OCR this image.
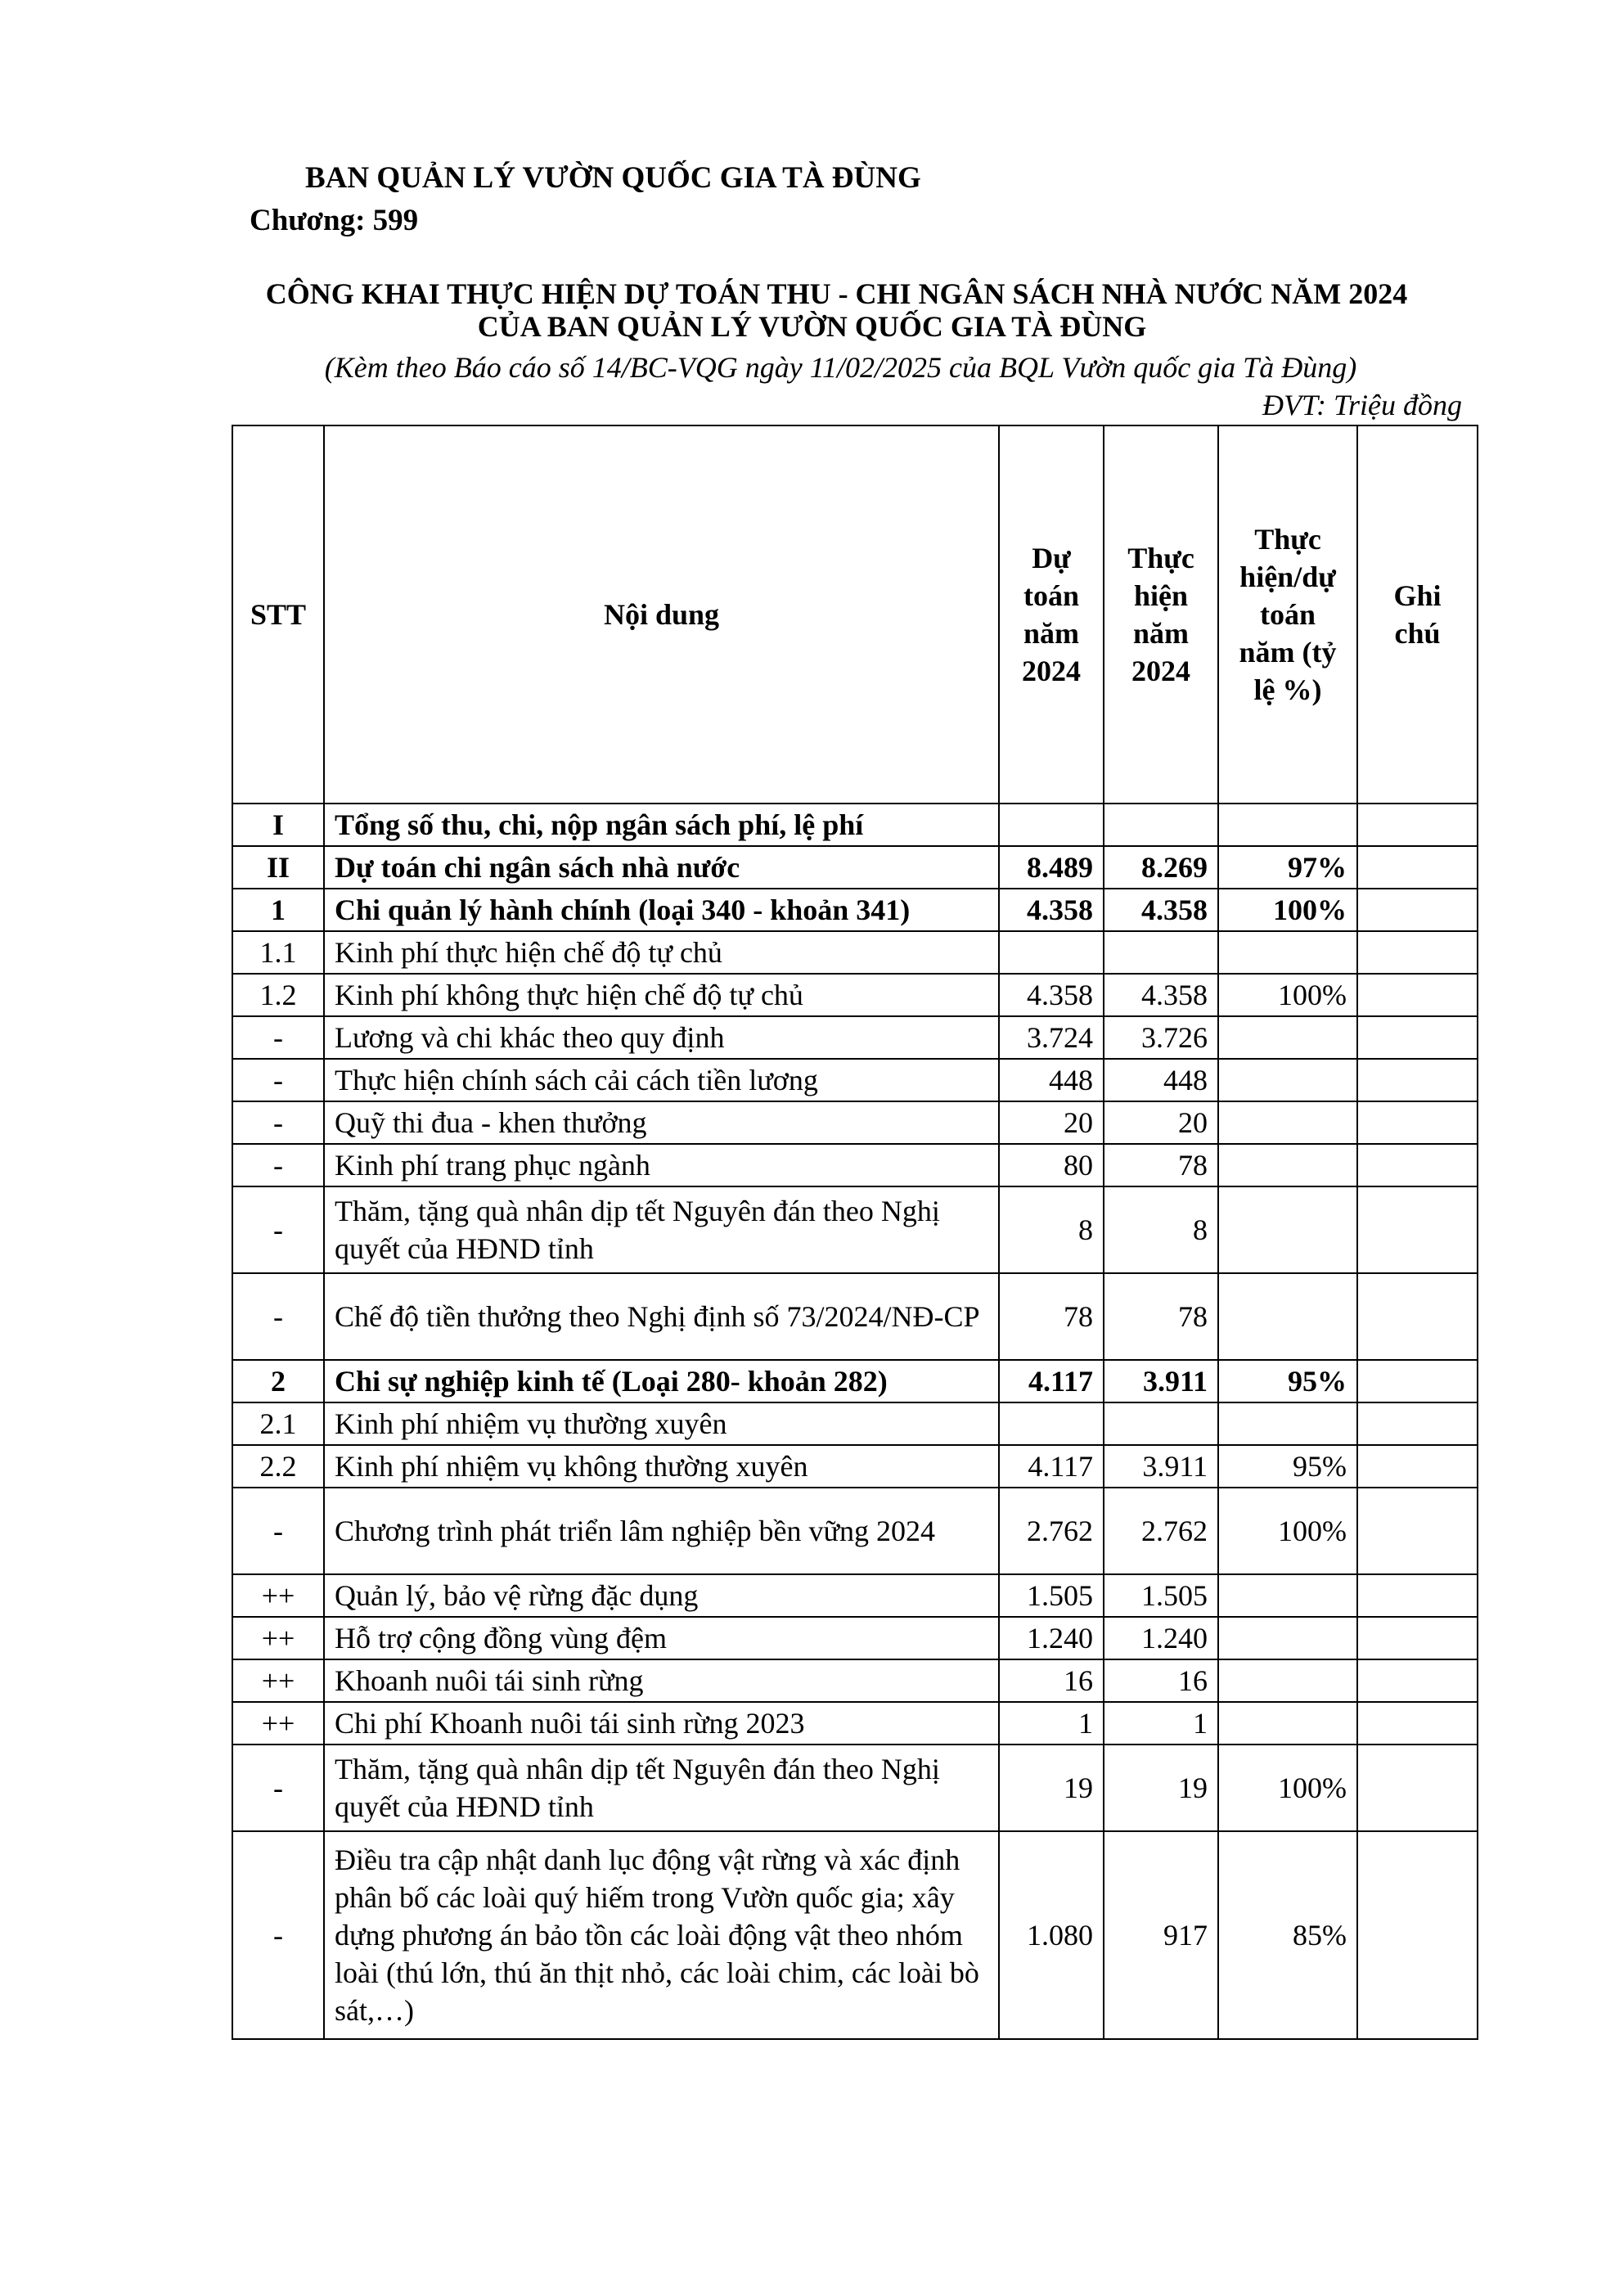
BAN QUẢN LÝ VƯỜN QUỐC GIA TÀ ĐÙNG
Chương: 599
CÔNG KHAI THỰC HIỆN DỰ TOÁN THU - CHI NGÂN SÁCH NHÀ NƯỚC NĂM 2024
CỦA BAN QUẢN LÝ VƯỜN QUỐC GIA TÀ ĐÙNG
(Kèm theo Báo cáo số 14/BC-VQG ngày 11/02/2025 của BQL Vườn quốc gia Tà Đùng)
ĐVT: Triệu đồng
STT	Nội dung	Dự toán năm 2024	Thực hiện năm 2024	Thực hiện/dự toán năm (tỷ lệ %)	Ghi chú
I	Tổng số thu, chi, nộp ngân sách phí, lệ phí				
II	Dự toán chi ngân sách nhà nước	8.489	8.269	97%	
1	Chi quản lý hành chính (loại 340 - khoản 341)	4.358	4.358	100%	
1.1	Kinh phí thực hiện chế độ tự chủ				
1.2	Kinh phí không thực hiện chế độ tự chủ	4.358	4.358	100%	
-	Lương và chi khác theo quy định	3.724	3.726		
-	Thực hiện chính sách cải cách tiền lương	448	448		
-	Quỹ thi đua - khen thưởng	20	20		
-	Kinh phí trang phục ngành	80	78		
-	Thăm, tặng quà nhân dịp tết Nguyên đán theo Nghị quyết của HĐND tỉnh	8	8		
-	Chế độ tiền thưởng theo Nghị định số 73/2024/NĐ-CP	78	78		
2	Chi sự nghiệp kinh tế (Loại 280- khoản 282)	4.117	3.911	95%	
2.1	Kinh phí nhiệm vụ thường xuyên				
2.2	Kinh phí nhiệm vụ không thường xuyên	4.117	3.911	95%	
-	Chương trình phát triển lâm nghiệp bền vững 2024	2.762	2.762	100%	
++	Quản lý, bảo vệ rừng đặc dụng	1.505	1.505		
++	Hỗ trợ cộng đồng vùng đệm	1.240	1.240		
++	Khoanh nuôi tái sinh rừng	16	16		
++	Chi phí Khoanh nuôi tái sinh rừng 2023	1	1		
-	Thăm, tặng quà nhân dịp tết Nguyên đán theo Nghị quyết của HĐND tỉnh	19	19	100%	
-	Điều tra cập nhật danh lục động vật rừng và xác định phân bố các loài quý hiếm trong Vườn quốc gia; xây dựng phương án bảo tồn các loài động vật theo nhóm loài (thú lớn, thú ăn thịt nhỏ, các loài chim, các loài bò sát,…)	1.080	917	85%	
